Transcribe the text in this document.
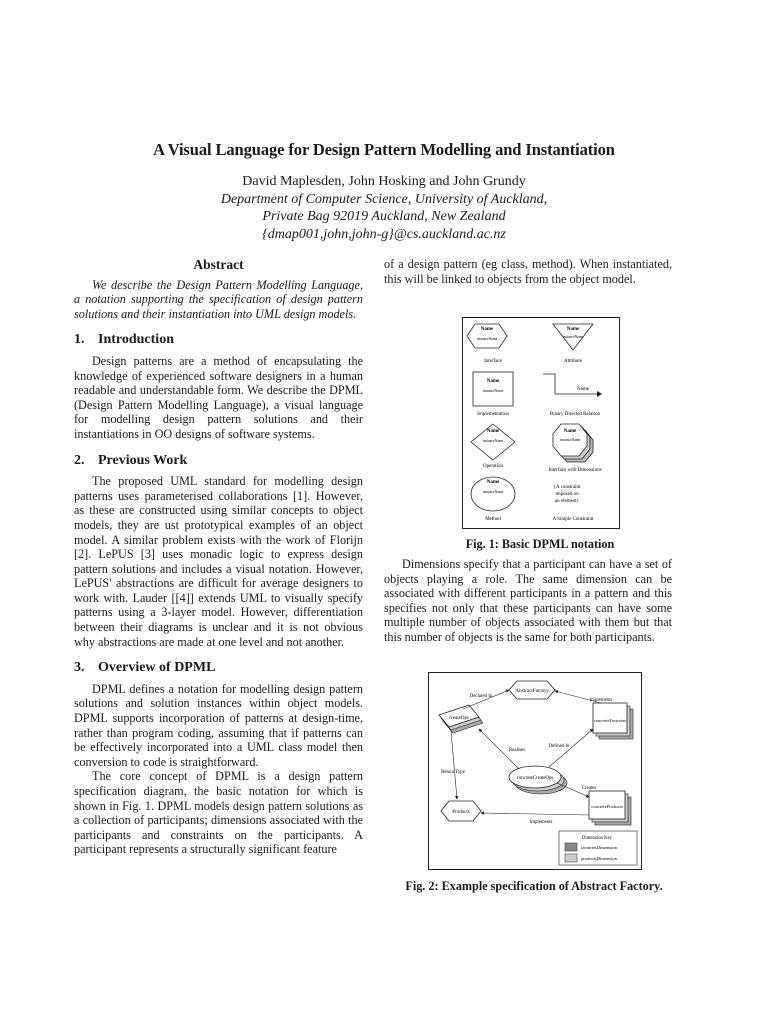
A Visual Language for Design Pattern Modelling and Instantiation
David Maplesden, John Hosking and John Grundy
Department of Computer Science, University of Auckland,
Private Bag 92019 Auckland, New Zealand
{dmap001,john,john-g}@cs.auckland.ac.nz
Abstract

We describe the Design Pattern Modelling Language, a notation supporting the specification of design pattern solutions and their instantiation into UML design models.

1. Introduction

Design patterns are a method of encapsulating the knowledge of experienced software designers in a human readable and understandable form. We describe the DPML (Design Pattern Modelling Language), a visual language for modelling design pattern solutions and their instantiations in OO designs of software systems.

2. Previous Work

The proposed UML standard for modelling design patterns uses parameterised collaborations [1]. However, as these are constructed using similar concepts to object models, they are ust prototypical examples of an object model. A similar problem exists with the work of Florijn [2]. LePUS [3] uses monadic logic to express design pattern solutions and includes a visual notation. However, LePUS' abstractions are difficult for average designers to work with. Lauder [[4]] extends UML to visually specify patterns using a 3-layer model. However, differentiation between their diagrams is unclear and it is not obvious why abstractions are made at one level and not another.

3. Overview of DPML

DPML defines a notation for modelling design pattern solutions and solution instances within object models. DPML supports incorporation of patterns at design-time, rather than program coding, assuming that if patterns can be effectively incorporated into a UML class model then conversion to code is straightforward.

The core concept of DPML is a design pattern specification diagram, the basic notation for which is shown in Fig. 1. DPML models design pattern solutions as a collection of participants; dimensions associated with the participants and constraints on the participants. A participant represents a structurally significant feature

of a design pattern (eg class, method). When instantiated, this will be linked to objects from the object model.

Name
instanceName
Interface
Name
instanceName
Attribute
Name
instanceName
Implementation
Name
Binary Directed Relation
Name
instanceName
Operation
Name
instanceName
Interface with Dimensions
Name
instanceName
Method
{A constraint
imposed on
an element}
A Simple Constraint
Fig. 1: Basic DPML notation

Dimensions specify that a participant can have a set of objects playing a role. The same dimension can be associated with different participants in a pattern and this specifies not only that these participants can have some multiple number of objects associated with them but that this number of objects is the same for both participants.

AbstractFactory
createOps	concreteFactories
concreteCreateOps
Products
concreteProducts
Declared In
Implements
Realises
Defined In
Return Type
Creates
Implements
Dimension Key
factoriesDimension
productsDimension
Fig. 2: Example specification of Abstract Factory.
